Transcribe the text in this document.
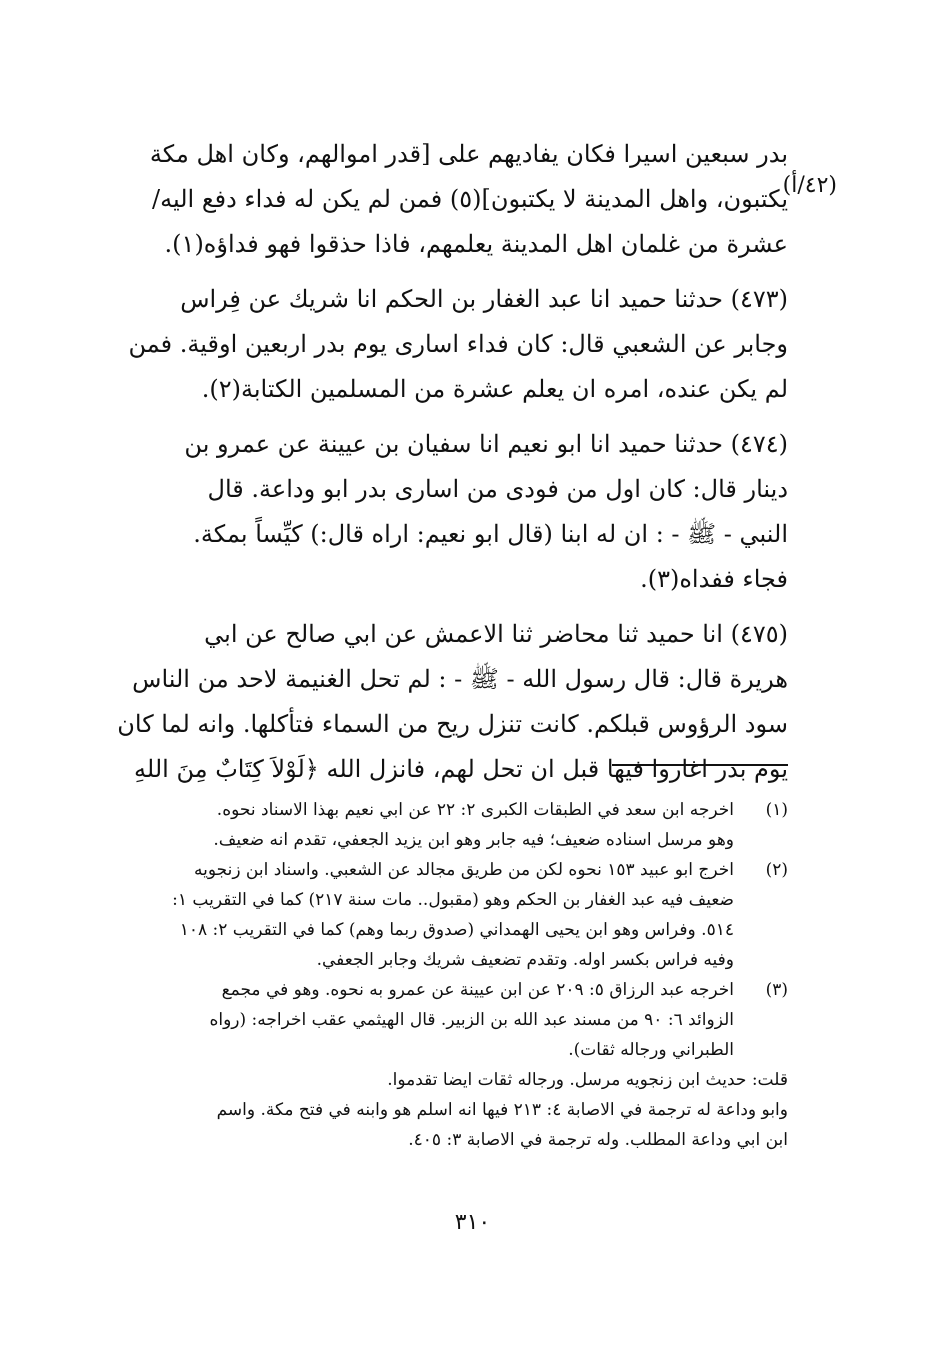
بدر سبعين اسيرا فكان يفاديهم على [قدر اموالهم، وكان اهل مكة
يكتبون، واهل المدينة لا يكتبون](٥) فمن لم يكن له فداء دفع اليه/
عشرة من غلمان اهل المدينة يعلمهم، فاذا حذقوا فهو فداؤه(١).
(٤٧٣) حدثنا حميد انا عبد الغفار بن الحكم انا شريك عن فِراس
وجابر عن الشعبي قال: كان فداء اسارى يوم بدر اربعين اوقية. فمن
لم يكن عنده، امره ان يعلم عشرة من المسلمين الكتابة(٢).
(٤٧٤) حدثنا حميد انا ابو نعيم انا سفيان بن عيينة عن عمرو بن
دينار قال: كان اول من فودى من اسارى بدر ابو وداعة. قال
النبي - ﷺ - : ان له ابنا (قال ابو نعيم: اراه قال:) كيِّساً بمكة.
فجاء ففداه(٣).
(٤٧٥) انا حميد ثنا محاضر ثنا الاعمش عن ابي صالح عن ابي
هريرة قال: قال رسول الله - ﷺ - : لم تحل الغنيمة لاحد من الناس
سود الرؤوس قبلكم. كانت تنزل ريح من السماء فتأكلها. وانه لما كان
يوم بدر اغاروا فيها قبل ان تحل لهم، فانزل الله ﴿لَوْلاَ كِتَابٌ مِنَ اللهِ
(٤٢/أ)
(١)
اخرجه ابن سعد في الطبقات الكبرى ٢: ٢٢ عن ابي نعيم بهذا الاسناد نحوه.
وهو مرسل اسناده ضعيف؛ فيه جابر وهو ابن يزيد الجعفي، تقدم انه ضعيف.
(٢)
اخرج ابو عبيد ١٥٣ نحوه لكن من طريق مجالد عن الشعبي. واسناد ابن زنجويه
ضعيف فيه عبد الغفار بن الحكم وهو (مقبول.. مات سنة ٢١٧) كما في التقريب ١:
٥١٤. وفراس وهو ابن يحيى الهمداني (صدوق ربما وهم) كما في التقريب ٢: ١٠٨
وفيه فراس بكسر اوله. وتقدم تضعيف شريك وجابر الجعفي.
(٣)
اخرجه عبد الرزاق ٥: ٢٠٩ عن ابن عيينة عن عمرو به نحوه. وهو في مجمع
الزوائد ٦: ٩٠ من مسند عبد الله بن الزبير. قال الهيثمي عقب اخراجه: (رواه
الطبراني ورجاله ثقات).
قلت: حديث ابن زنجويه مرسل. ورجاله ثقات ايضا تقدموا.
وابو وداعة له ترجمة في الاصابة ٤: ٢١٣ فيها انه اسلم هو وابنه في فتح مكة. واسم
ابن ابي وداعة المطلب. وله ترجمة في الاصابة ٣: ٤٠٥.
٣١٠
